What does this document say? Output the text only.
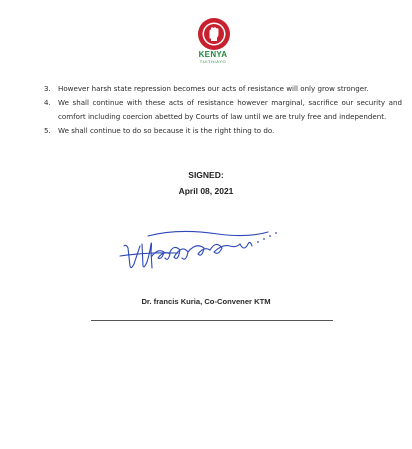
KENYA
TUITHIAYO
3. However harsh state repression becomes our acts of resistance will only grow stronger.
4. We shall continue with these acts of resistance however marginal, sacrifice our security and comfort including coercion abetted by Courts of law until we are truly free and independent.
5. We shall continue to do so because it is the right thing to do.
SIGNED:
April 08, 2021
Dr. francis Kuria, Co-Convener KTM
